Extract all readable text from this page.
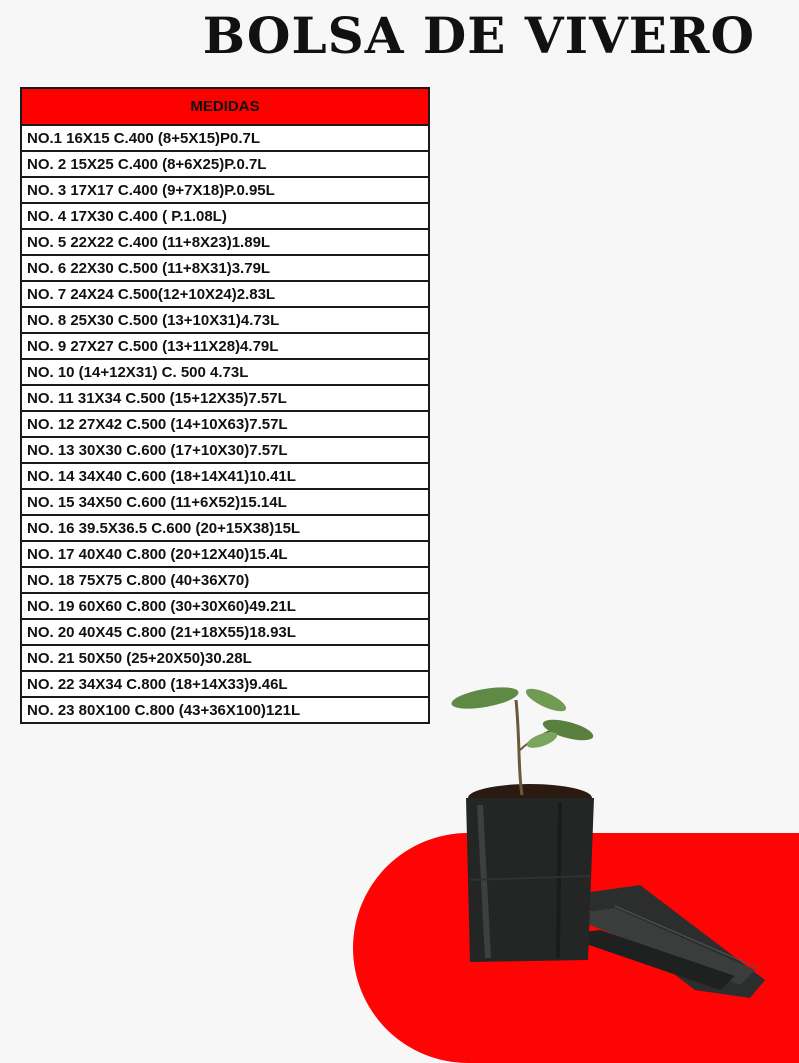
BOLSA DE VIVERO
MEDIDAS
NO.1 16X15 C.400 (8+5X15)P0.7L
NO. 2 15X25 C.400 (8+6X25)P.0.7L
NO. 3 17X17 C.400 (9+7X18)P.0.95L
NO. 4 17X30 C.400 ( P.1.08L)
NO. 5 22X22 C.400 (11+8X23)1.89L
NO. 6 22X30 C.500 (11+8X31)3.79L
NO. 7 24X24 C.500(12+10X24)2.83L
NO. 8 25X30 C.500 (13+10X31)4.73L
NO. 9 27X27 C.500 (13+11X28)4.79L
NO. 10 (14+12X31) C. 500 4.73L
NO. 11 31X34 C.500 (15+12X35)7.57L
NO. 12 27X42 C.500 (14+10X63)7.57L
NO. 13 30X30 C.600 (17+10X30)7.57L
NO. 14 34X40 C.600 (18+14X41)10.41L
NO. 15 34X50 C.600 (11+6X52)15.14L
NO. 16 39.5X36.5 C.600 (20+15X38)15L
NO. 17 40X40 C.800 (20+12X40)15.4L
NO. 18 75X75 C.800 (40+36X70)
NO. 19 60X60 C.800 (30+30X60)49.21L
NO. 20 40X45 C.800 (21+18X55)18.93L
NO. 21 50X50 (25+20X50)30.28L
NO. 22 34X34 C.800 (18+14X33)9.46L
NO. 23 80X100 C.800 (43+36X100)121L
